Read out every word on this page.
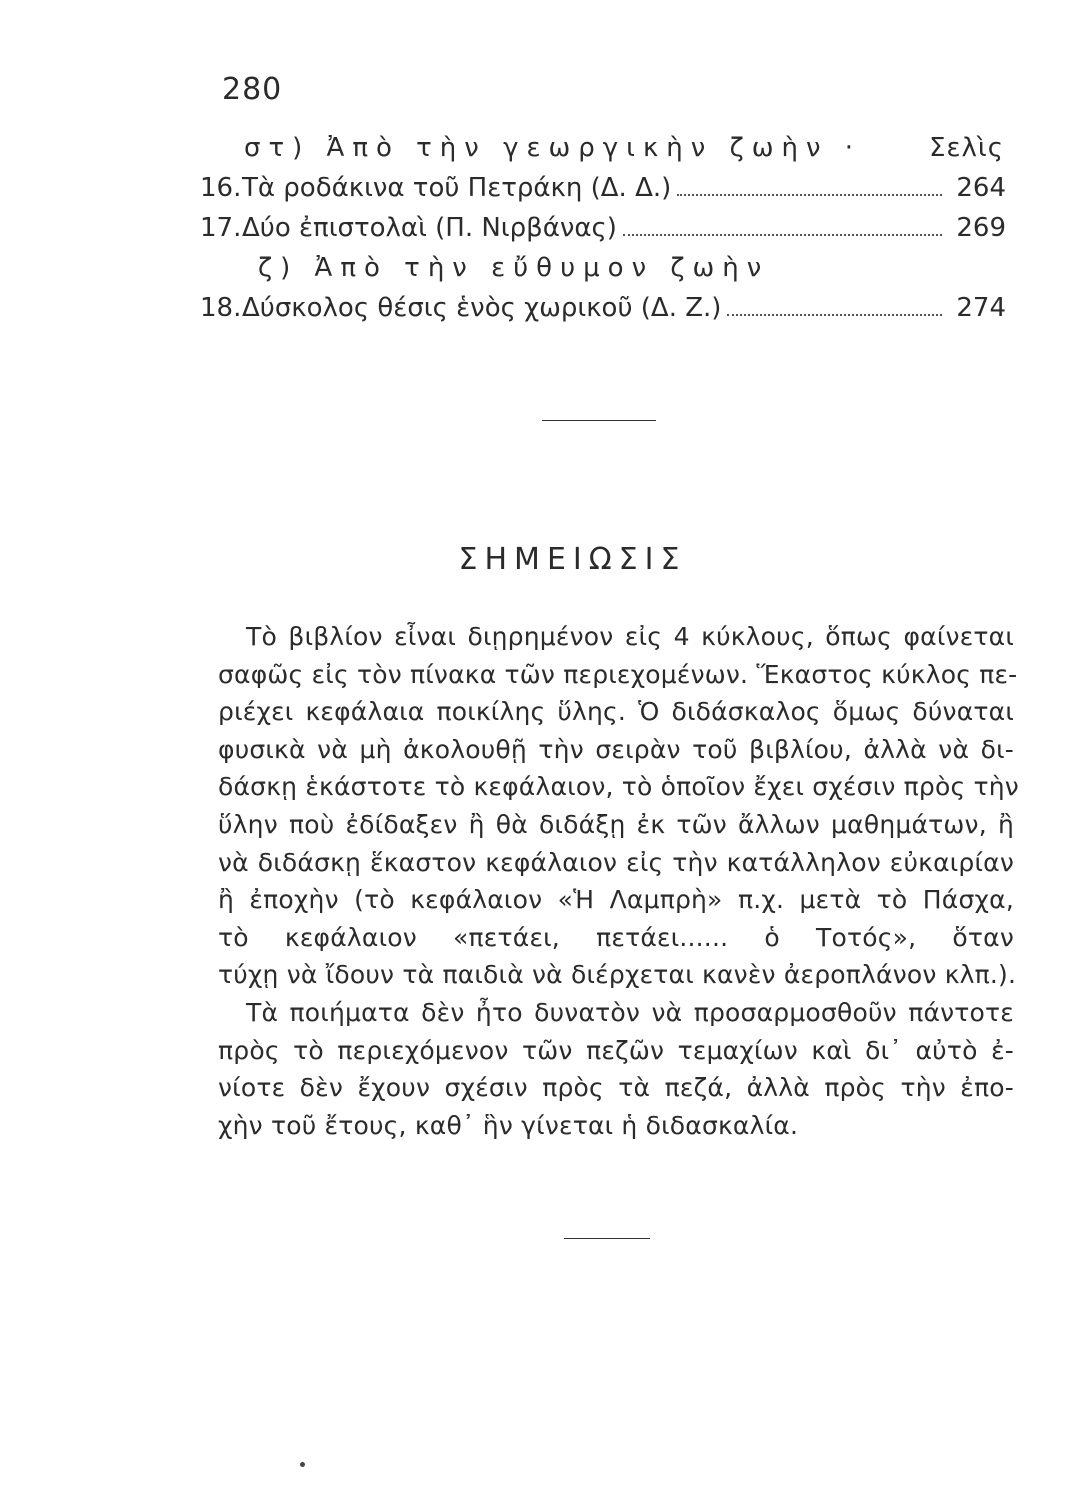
280
στ) Ἀπὸ τὴν γεωργικὴν ζωὴν ·	Σελὶς
16. Τὰ ροδάκινα τοῦ Πετράκη (Δ. Δ.)	264
17. Δύο ἐπιστολαὶ (Π. Νιρβάνας)	269
ζ) Ἀπὸ τὴν εὔθυμον ζωὴν
18. Δύσκολος θέσις ἑνὸς χωρικοῦ (Δ. Ζ.)	274
ΣΗΜΕΙΩΣΙΣ

Τὸ βιβλίον εἶναι διῃρημένον εἰς 4 κύκλους, ὅπως φαίνεται
σαφῶς εἰς τὸν πίνακα τῶν περιεχομένων. Ἕκαστος κύκλος πε-
ριέχει κεφάλαια ποικίλης ὕλης. Ὁ διδάσκαλος ὅμως δύναται
φυσικὰ νὰ μὴ ἀκολουθῇ τὴν σειρὰν τοῦ βιβλίου, ἀλλὰ νὰ δι-
δάσκῃ ἑκάστοτε τὸ κεφάλαιον, τὸ ὁποῖον ἔχει σχέσιν πρὸς τὴν
ὕλην ποὺ ἐδίδαξεν ἢ θὰ διδάξῃ ἐκ τῶν ἄλλων μαθημάτων, ἢ
νὰ διδάσκῃ ἕκαστον κεφάλαιον εἰς τὴν κατάλληλον εὐκαιρίαν
ἢ ἐποχὴν (τὸ κεφάλαιον «Ἡ Λαμπρὴ» π.χ. μετὰ τὸ Πάσχα,
τὸ κεφάλαιον «πετάει, πετάει...... ὁ Τοτός», ὅταν
τύχῃ νὰ ἴδουν τὰ παιδιὰ νὰ διέρχεται κανὲν ἀεροπλάνον κλπ.).

Τὰ ποιήματα δὲν ἦτο δυνατὸν νὰ προσαρμοσθοῦν πάντοτε
πρὸς τὸ περιεχόμενον τῶν πεζῶν τεμαχίων καὶ δι᾽ αὐτὸ ἐ-
νίοτε δὲν ἔχουν σχέσιν πρὸς τὰ πεζά, ἀλλὰ πρὸς τὴν ἐπο-
χὴν τοῦ ἔτους, καθ᾽ ἣν γίνεται ἡ διδασκαλία.
